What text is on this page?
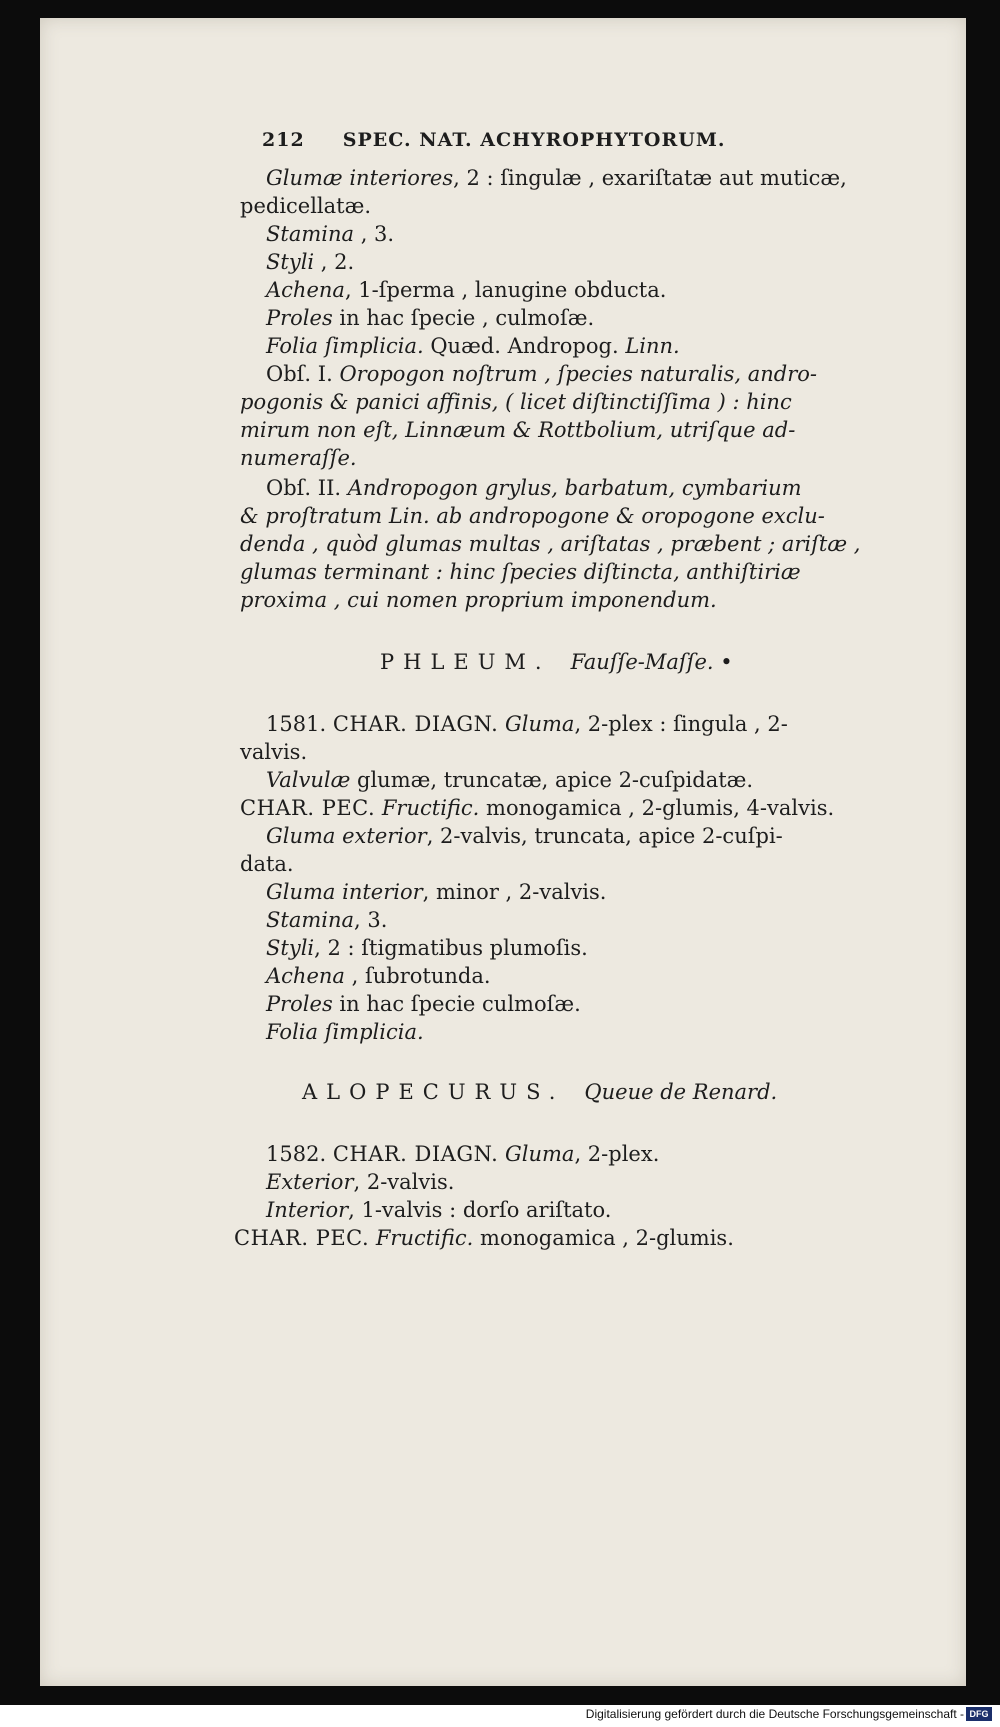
212 SPEC. NAT. ACHYROPHYTORUM.

Glumæ interiores, 2 : ſingulæ , exariſtatæ aut muticæ,

pedicellatæ.

Stamina , 3.

Styli , 2.

Achena, 1-ſperma , lanugine obducta.

Proles in hac ſpecie , culmoſæ.

Folia ſimplicia. Quæd. Andropog. Linn.

Obſ. I. Oropogon noſtrum , ſpecies naturalis, andro-

pogonis & panici affinis, ( licet diſtinctiſſima ) : hinc

mirum non eſt, Linnæum & Rottbolium, utriſque ad-

numeraſſe.

Obſ. II. Andropogon grylus, barbatum, cymbarium

& proſtratum Lin. ab andropogone & oropogone exclu-

denda , quòd glumas multas , ariſtatas , præbent ; ariſtæ ,

glumas terminant : hinc ſpecies diſtincta, anthiſtiriæ

proxima , cui nomen proprium imponendum.

PHLEUM. Fauſſe-Maſſe. •

1581. CHAR. DIAGN. Gluma, 2-plex : ſingula , 2-

valvis.

Valvulæ glumæ, truncatæ, apice 2-cuſpidatæ.

CHAR. PEC. Fructific. monogamica , 2-glumis, 4-valvis.

Gluma exterior, 2-valvis, truncata, apice 2-cuſpi-

data.

Gluma interior, minor , 2-valvis.

Stamina, 3.

Styli, 2 : ſtigmatibus plumoſis.

Achena , ſubrotunda.

Proles in hac ſpecie culmoſæ.

Folia ſimplicia.

ALOPECURUS. Queue de Renard.

1582. CHAR. DIAGN. Gluma, 2-plex.

Exterior, 2-valvis.

Interior, 1-valvis : dorſo ariſtato.

CHAR. PEC. Fructific. monogamica , 2-glumis.

Digitalisierung gefördert durch die Deutsche Forschungsgemeinschaft - DFG
